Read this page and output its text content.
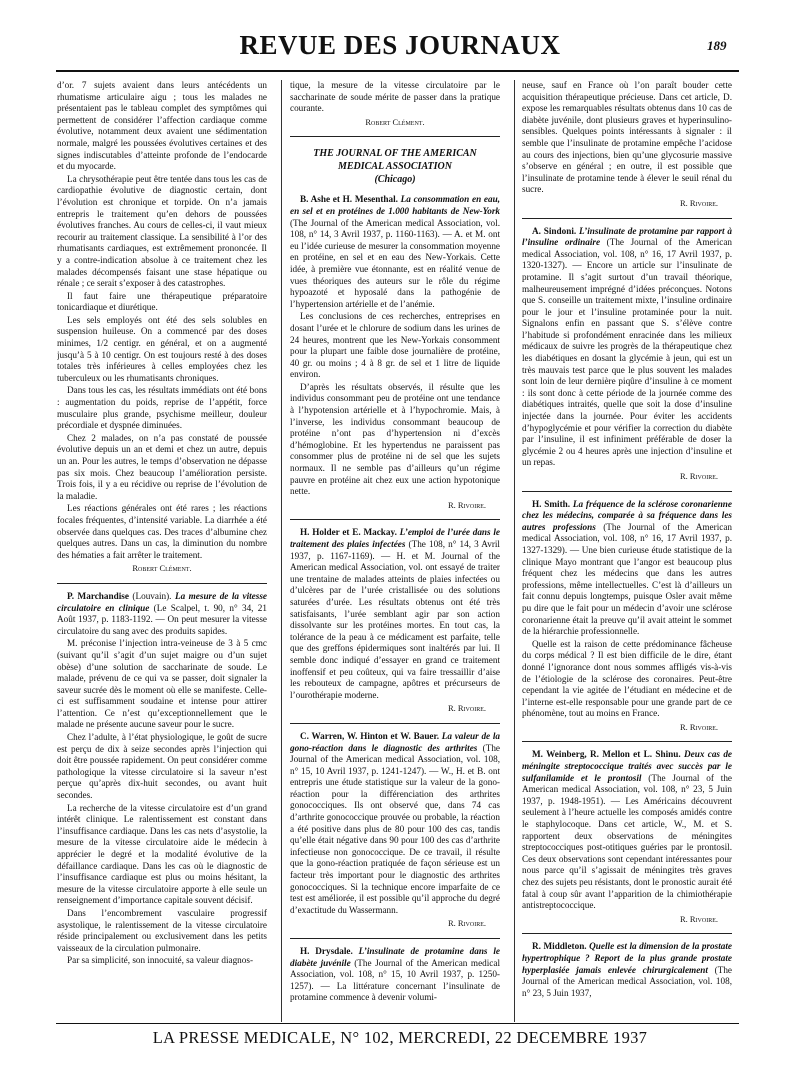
REVUE DES JOURNAUX	189

d’or. 7 sujets avaient dans leurs antécédents un rhumatisme articulaire aigu ; tous les malades ne présentaient pas le tableau complet des symptômes qui permettent de considérer l’affection cardiaque comme évolutive, notamment deux avaient une sédimentation normale, malgré les poussées évolutives certaines et des signes indiscutables d’atteinte profonde de l’endocarde et du myocarde.

La chrysothérapie peut être tentée dans tous les cas de cardiopathie évolutive de diagnostic certain, dont l’évolution est chronique et torpide. On n’a jamais entrepris le traitement qu’en dehors de poussées évolutives franches. Au cours de celles-ci, il vaut mieux recourir au traitement classique. La sensibilité à l’or des rhumatisants cardiaques, est extrêmement prononcée. Il y a contre-indication absolue à ce traitement chez les malades décompensés faisant une stase hépatique ou rénale ; ce serait s’exposer à des catastrophes.

Il faut faire une thérapeutique préparatoire tonicardiaque et diurétique.

Les sels employés ont été des sels solubles en suspension huileuse. On a commencé par des doses minimes, 1/2 centigr. en général, et on a augmenté jusqu’à 5 à 10 centigr. On est toujours resté à des doses totales très inférieures à celles employées chez les tuberculeux ou les rhumatisants chroniques.

Dans tous les cas, les résultats immédiats ont été bons : augmentation du poids, reprise de l’appétit, force musculaire plus grande, psychisme meilleur, douleur précordiale et dyspnée diminuées.

Chez 2 malades, on n’a pas constaté de poussée évolutive depuis un an et demi et chez un autre, depuis un an. Pour les autres, le temps d’observation ne dépasse pas six mois. Chez beaucoup l’amélioration persiste. Trois fois, il y a eu récidive ou reprise de l’évolution de la maladie.

Les réactions générales ont été rares ; les réactions focales fréquentes, d’intensité variable. La diarrhée a été observée dans quelques cas. Des traces d’albumine chez quelques autres. Dans un cas, la diminution du nombre des hématies a fait arrêter le traitement.

Robert Clément.

P. Marchandise (Louvain). La mesure de la vitesse circulatoire en clinique (Le Scalpel, t. 90, n° 34, 21 Août 1937, p. 1183-1192. — On peut mesurer la vitesse circulatoire du sang avec des produits sapides.

M. préconise l’injection intra-veineuse de 3 à 5 cmc (suivant qu’il s’agit d’un sujet maigre ou d’un sujet obèse) d’une solution de saccharinate de soude. Le malade, prévenu de ce qui va se passer, doit signaler la saveur sucrée dès le moment où elle se manifeste. Celle-ci est suffisamment soudaine et intense pour attirer l’attention. Ce n’est qu’exceptionnellement que le malade ne présente aucune saveur pour le sucre.

Chez l’adulte, à l’état physiologique, le goût de sucre est perçu de dix à seize secondes après l’injection qui doit être poussée rapidement. On peut considérer comme pathologique la vitesse circulatoire si la saveur n’est perçue qu’après dix-huit secondes, ou avant huit secondes.

La recherche de la vitesse circulatoire est d’un grand intérêt clinique. Le ralentissement est constant dans l’insuffisance cardiaque. Dans les cas nets d’asystolie, la mesure de la vitesse circulatoire aide le médecin à apprécier le degré et la modalité évolutive de la défaillance cardiaque. Dans les cas où le diagnostic de l’insuffisance cardiaque est plus ou moins hésitant, la mesure de la vitesse circulatoire apporte à elle seule un renseignement d’importance capitale souvent décisif.

Dans l’encombrement vasculaire progressif asystolique, le ralentissement de la vitesse circulatoire réside principalement ou exclusivement dans les petits vaisseaux de la circulation pulmonaire.

Par sa simplicité, son innocuité, sa valeur diagnos-

tique, la mesure de la vitesse circulatoire par le saccharinate de soude mérite de passer dans la pratique courante.

Robert Clément.
THE JOURNAL OF THE AMERICAN
MEDICAL ASSOCIATION
(Chicago)

B. Ashe et H. Mesenthal. La consommation en eau, en sel et en protéines de 1.000 habitants de New-York (The Journal of the American medical Association, vol. 108, n° 14, 3 Avril 1937, p. 1160-1163). — A. et M. ont eu l’idée curieuse de mesurer la consommation moyenne en protéine, en sel et en eau des New-Yorkais. Cette idée, à première vue étonnante, est en réalité venue de vues théoriques des auteurs sur le rôle du régime hypoazoté et hyposalé dans la pathogénie de l’hypertension artérielle et de l’anémie.

Les conclusions de ces recherches, entreprises en dosant l’urée et le chlorure de sodium dans les urines de 24 heures, montrent que les New-Yorkais consomment pour la plupart une faible dose journalière de protéine, 40 gr. ou moins ; 4 à 8 gr. de sel et 1 litre de liquide environ.

D’après les résultats observés, il résulte que les individus consommant peu de protéine ont une tendance à l’hypotension artérielle et à l’hypochromie. Mais, à l’inverse, les individus consommant beaucoup de protéine n’ont pas d’hypertension ni d’excès d’hémoglobine. Et les hypertendus ne paraissent pas consommer plus de protéine ni de sel que les sujets normaux. Il ne semble pas d’ailleurs qu’un régime pauvre en protéine ait chez eux une action hypotonique nette.

R. Rivoire.

H. Holder et E. Mackay. L’emploi de l’urée dans le traitement des plaies infectées (The 108, n° 14, 3 Avril 1937, p. 1167-1169). — H. et M. Journal of the American medical Association, vol. ont essayé de traiter une trentaine de malades atteints de plaies infectées ou d’ulcères par de l’urée cristallisée ou des solutions saturées d’urée. Les résultats obtenus ont été très satisfaisants, l’urée semblant agir par son action dissolvante sur les protéines mortes. En tout cas, la tolérance de la peau à ce médicament est parfaite, telle que des greffons épidermiques sont inaltérés par lui. Il semble donc indiqué d’essayer en grand ce traitement inoffensif et peu coûteux, qui va faire tressaillir d’aise les rebouteux de campagne, apôtres et précurseurs de l’ourothérapie moderne.

R. Rivoire.

C. Warren, W. Hinton et W. Bauer. La valeur de la gono-réaction dans le diagnostic des arthrites (The Journal of the American medical Association, vol. 108, n° 15, 10 Avril 1937, p. 1241-1247). — W., H. et B. ont entrepris une étude statistique sur la valeur de la gono-réaction pour la différenciation des arthrites gonococciques. Ils ont observé que, dans 74 cas d’arthrite gonococcique prouvée ou probable, la réaction a été positive dans plus de 80 pour 100 des cas, tandis qu’elle était négative dans 90 pour 100 des cas d’arthrite infectieuse non gonococcique. De ce travail, il résulte que la gono-réaction pratiquée de façon sérieuse est un facteur très important pour le diagnostic des arthrites gonococciques. Si la technique encore imparfaite de ce test est améliorée, il est possible qu’il approche du degré d’exactitude du Wassermann.

R. Rivoire.

H. Drysdale. L’insulinate de protamine dans le diabète juvénile (The Journal of the American medical Association, vol. 108, n° 15, 10 Avril 1937, p. 1250-1257). — La littérature concernant l’insulinate de protamine commence à devenir volumi-

neuse, sauf en France où l’on paraît bouder cette acquisition thérapeutique précieuse. Dans cet article, D. expose les remarquables résultats obtenus dans 10 cas de diabète juvénile, dont plusieurs graves et hyperinsulino-sensibles. Quelques points intéressants à signaler : il semble que l’insulinate de protamine empêche l’acidose au cours des injections, bien qu’une glycosurie massive s’observe en général ; en outre, il est possible que l’insulinate de protamine tende à élever le seuil rénal du sucre.

R. Rivoire.

A. Sindoni. L’insulinate de protamine par rapport à l’insuline ordinaire (The Journal of the American medical Association, vol. 108, n° 16, 17 Avril 1937, p. 1320-1327). — Encore un article sur l’insulinate de protamine. Il s’agit surtout d’un travail théorique, malheureusement imprégné d’idées préconçues. Notons que S. conseille un traitement mixte, l’insuline ordinaire pour le jour et l’insuline protaminée pour la nuit. Signalons enfin en passant que S. s’élève contre l’habitude si profondément enracinée dans les milieux médicaux de suivre les progrès de la thérapeutique chez les diabétiques en dosant la glycémie à jeun, qui est un très mauvais test parce que le plus souvent les malades sont loin de leur dernière piqûre d’insuline à ce moment : ils sont donc à cette période de la journée comme des diabétiques intraités, quelle que soit la dose d’insuline injectée dans la journée. Pour éviter les accidents d’hypoglycémie et pour vérifier la correction du diabète par l’insuline, il est infiniment préférable de doser la glycémie 2 ou 4 heures après une injection d’insuline et un repas.

R. Rivoire.

H. Smith. La fréquence de la sclérose coronarienne chez les médecins, comparée à sa fréquence dans les autres professions (The Journal of the American medical Association, vol. 108, n° 16, 17 Avril 1937, p. 1327-1329). — Une bien curieuse étude statistique de la clinique Mayo montrant que l’angor est beaucoup plus fréquent chez les médecins que dans les autres professions, même intellectuelles. C’est là d’ailleurs un fait connu depuis longtemps, puisque Osler avait même pu dire que le fait pour un médecin d’avoir une sclérose coronarienne était la preuve qu’il avait atteint le sommet de la hiérarchie professionnelle.

Quelle est la raison de cette prédominance fâcheuse du corps médical ? Il est bien difficile de le dire, étant donné l’ignorance dont nous sommes affligés vis-à-vis de l’étiologie de la sclérose des coronaires. Peut-être cependant la vie agitée de l’étudiant en médecine et de l’interne est-elle responsable pour une grande part de ce phénomène, tout au moins en France.

R. Rivoire.

M. Weinberg, R. Mellon et L. Shinu. Deux cas de méningite streptococcique traités avec succès par le sulfanilamide et le prontosil (The Journal of the American medical Association, vol. 108, n° 23, 5 Juin 1937, p. 1948-1951). — Les Américains découvrent seulement à l’heure actuelle les composés amidés contre le staphylocoque. Dans cet article, W., M. et S. rapportent deux observations de méningites streptococciques post-otitiques guéries par le prontosil. Ces deux observations sont cependant intéressantes pour nous parce qu’il s’agissait de méningites très graves chez des sujets peu résistants, dont le pronostic aurait été fatal à coup sûr avant l’apparition de la chimiothérapie antistreptococcique.

R. Rivoire.

R. Middleton. Quelle est la dimension de la prostate hypertrophique ? Report de la plus grande prostate hyperplasiée jamais enlevée chirurgicalement (The Journal of the American medical Association, vol. 108, n° 23, 5 Juin 1937,

LA PRESSE MEDICALE, N° 102, MERCREDI, 22 DECEMBRE 1937
